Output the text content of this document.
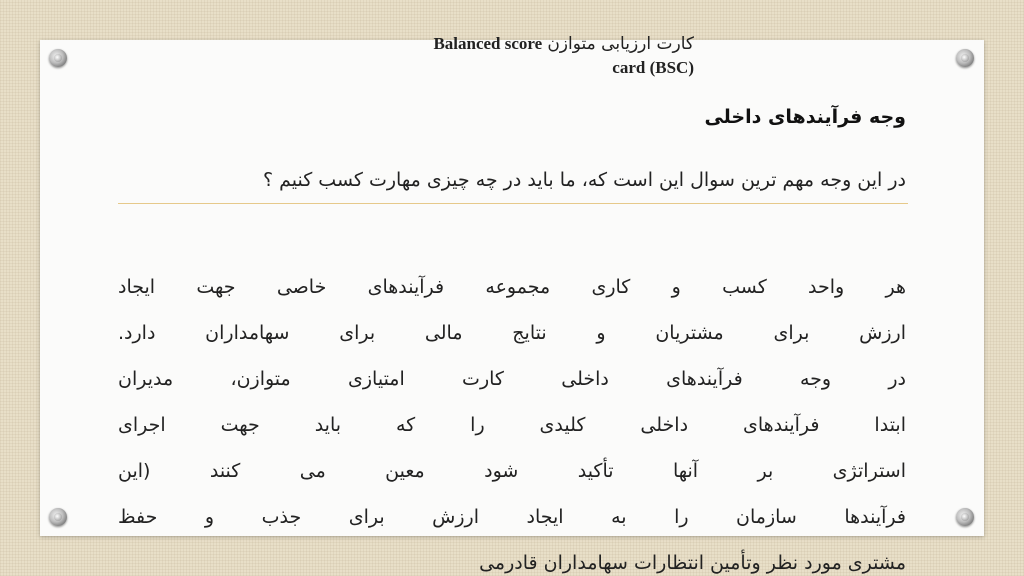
Balanced score کارت ارزیابی متوازن
card (BSC)
وجه فرآیندهای داخلی

در این وجه مهم ترین سوال این است که، ما باید در چه چیزی مهارت کسب کنیم ؟

هر واحد کسب و کاری مجموعه فرآیندهای خاصی جهت ایجاد
ارزش برای مشتریان و نتایج مالی برای سهامداران دارد.
در وجه فرآیندهای داخلی کارت امتیازی متوازن، مدیران
ابتدا فرآیندهای داخلی کلیدی را که باید جهت اجرای
استراتژی بر آنها تأکید شود معین می کنند (این
فرآیندها سازمان را به ایجاد ارزش برای جذب و حفظ
مشتری مورد نظر وتأمین انتظارات سهامداران قادرمی
